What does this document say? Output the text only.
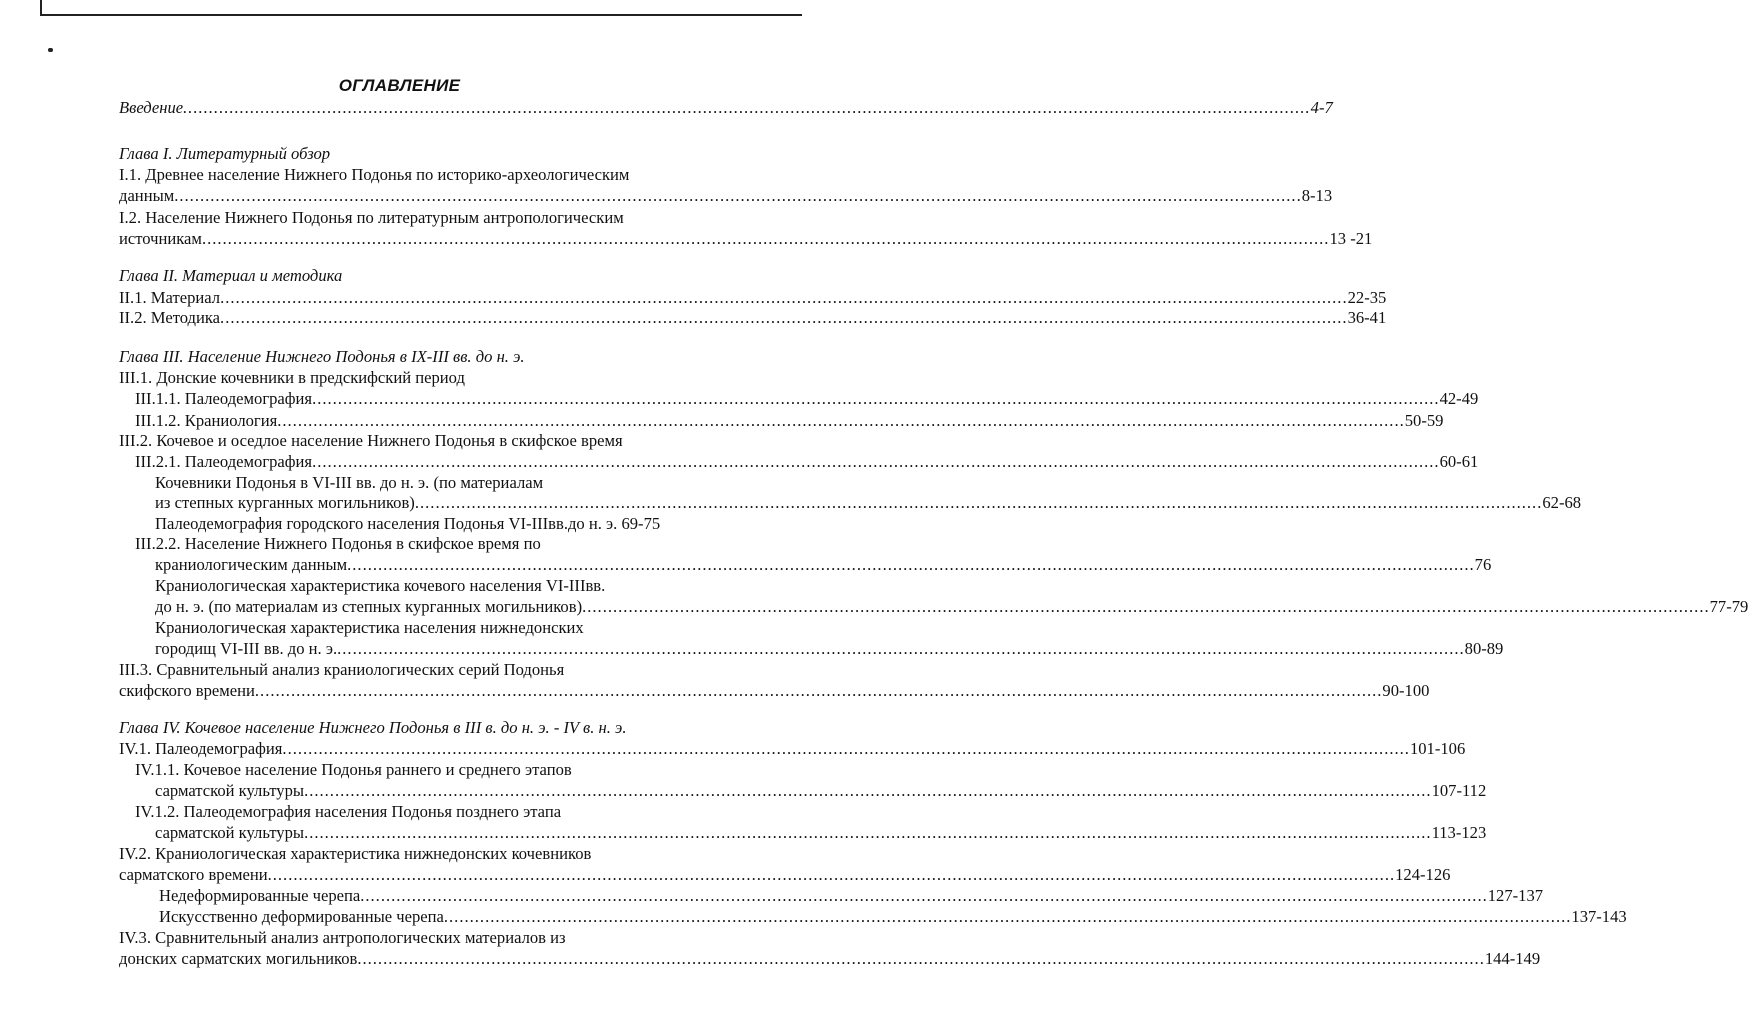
ОГЛАВЛЕНИЕ
Введение ........................................................................................................................................................................................................................... 4-7
Глава I. Литературный обзор
I.1. Древнее население Нижнего Подонья по историко-археологическим
данным ........................................................................................................................................................................................................................... 8-13
I.2. Население Нижнего Подонья по литературным антропологическим
источникам ........................................................................................................................................................................................................................... 13 -21
Глава II. Материал и методика
II.1. Материал ........................................................................................................................................................................................................................... 22-35
II.2. Методика ........................................................................................................................................................................................................................... 36-41
Глава III. Население Нижнего Подонья в IX-III вв. до н. э.
III.1. Донские кочевники в предскифский период
III.1.1. Палеодемография ........................................................................................................................................................................................................................... 42-49
III.1.2. Краниология ........................................................................................................................................................................................................................... 50-59
III.2. Кочевое и оседлое население Нижнего Подонья в скифское время
III.2.1. Палеодемография ........................................................................................................................................................................................................................... 60-61
Кочевники Подонья в VI-III вв. до н. э. (по материалам
из степных курганных могильников) ........................................................................................................................................................................................................................... 62-68
Палеодемография городского населения Подонья VI-IIIвв.до н. э. 69-75
III.2.2. Население Нижнего Подонья в скифское время по
краниологическим данным ........................................................................................................................................................................................................................... 76
Краниологическая характеристика кочевого населения VI-IIIвв.
до н. э. (по материалам из степных курганных могильников) ........................................................................................................................................................................................................................... 77-79
Краниологическая характеристика населения нижнедонских
городищ VI-III вв. до н. э. ........................................................................................................................................................................................................................... 80-89
III.3. Сравнительный анализ краниологических серий Подонья
скифского времени ........................................................................................................................................................................................................................... 90-100
Глава IV. Кочевое население Нижнего Подонья в III в. до н. э. - IV в. н. э.
IV.1. Палеодемография ........................................................................................................................................................................................................................... 101-106
IV.1.1. Кочевое население Подонья раннего и среднего этапов
сарматской культуры ........................................................................................................................................................................................................................... 107-112
IV.1.2. Палеодемография населения Подонья позднего этапа
сарматской культуры ........................................................................................................................................................................................................................... 113-123
IV.2. Краниологическая характеристика нижнедонских кочевников
сарматского времени ........................................................................................................................................................................................................................... 124-126
Недеформированные черепа ........................................................................................................................................................................................................................... 127-137
Искусственно деформированные черепа ........................................................................................................................................................................................................................... 137-143
IV.3. Сравнительный анализ антропологических материалов из
донских сарматских могильников ........................................................................................................................................................................................................................... 144-149
